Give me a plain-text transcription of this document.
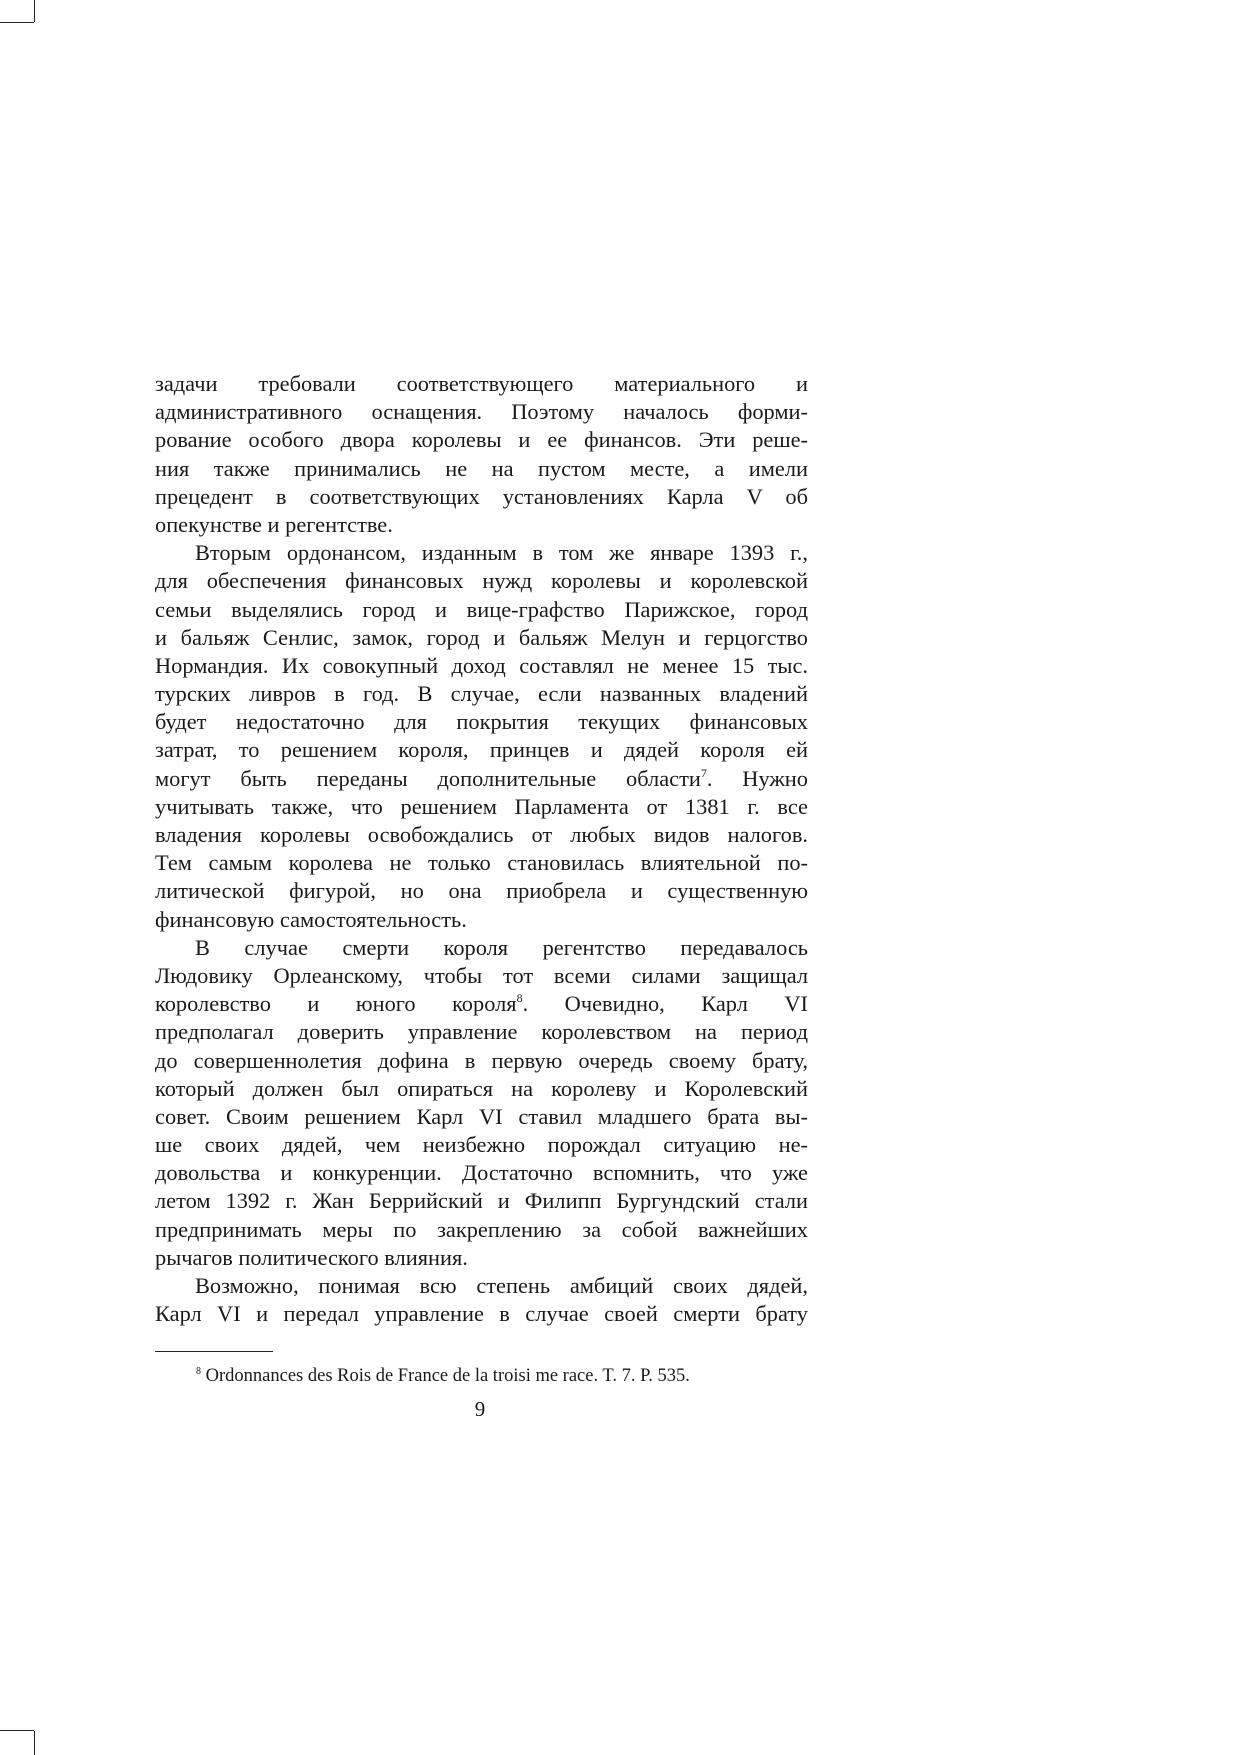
задачи требовали соответствующего материального и
административного оснащения. Поэтому началось форми-
рование особого двора королевы и ее финансов. Эти реше-
ния также принимались не на пустом месте, а имели
прецедент в соответствующих установлениях Карла V об
опекунстве и регентстве.
Вторым ордонансом, изданным в том же январе 1393 г.,
для обеспечения финансовых нужд королевы и королевской
семьи выделялись город и вице-графство Парижское, город
и бальяж Сенлис, замок, город и бальяж Мелун и герцогство
Нормандия. Их совокупный доход составлял не менее 15 тыс.
турских ливров в год. В случае, если названных владений
будет недостаточно для покрытия текущих финансовых
затрат, то решением короля, принцев и дядей короля ей
могут быть переданы дополнительные области$^7$. Нужно
учитывать также, что решением Парламента от 1381 г. все
владения королевы освобождались от любых видов налогов.
Тем самым королева не только становилась влиятельной по-
литической фигурой, но она приобрела и существенную
финансовую самостоятельность.
В случае смерти короля регентство передавалось
Людовику Орлеанскому, чтобы тот всеми силами защищал
королевство и юного короля$^8$. Очевидно, Карл VI
предполагал доверить управление королевством на период
до совершеннолетия дофина в первую очередь своему брату,
который должен был опираться на королеву и Королевский
совет. Своим решением Карл VI ставил младшего брата вы-
ше своих дядей, чем неизбежно порождал ситуацию не-
довольства и конкуренции. Достаточно вспомнить, что уже
летом 1392 г. Жан Беррийский и Филипп Бургундский стали
предпринимать меры по закреплению за собой важнейших
рычагов политического влияния.
Возможно, понимая всю степень амбиций своих дядей,
Карл VI и передал управление в случае своей смерти брату
$^8$ Ordonnances des Rois de France de la troisi me race. T. 7. P. 535.
9
